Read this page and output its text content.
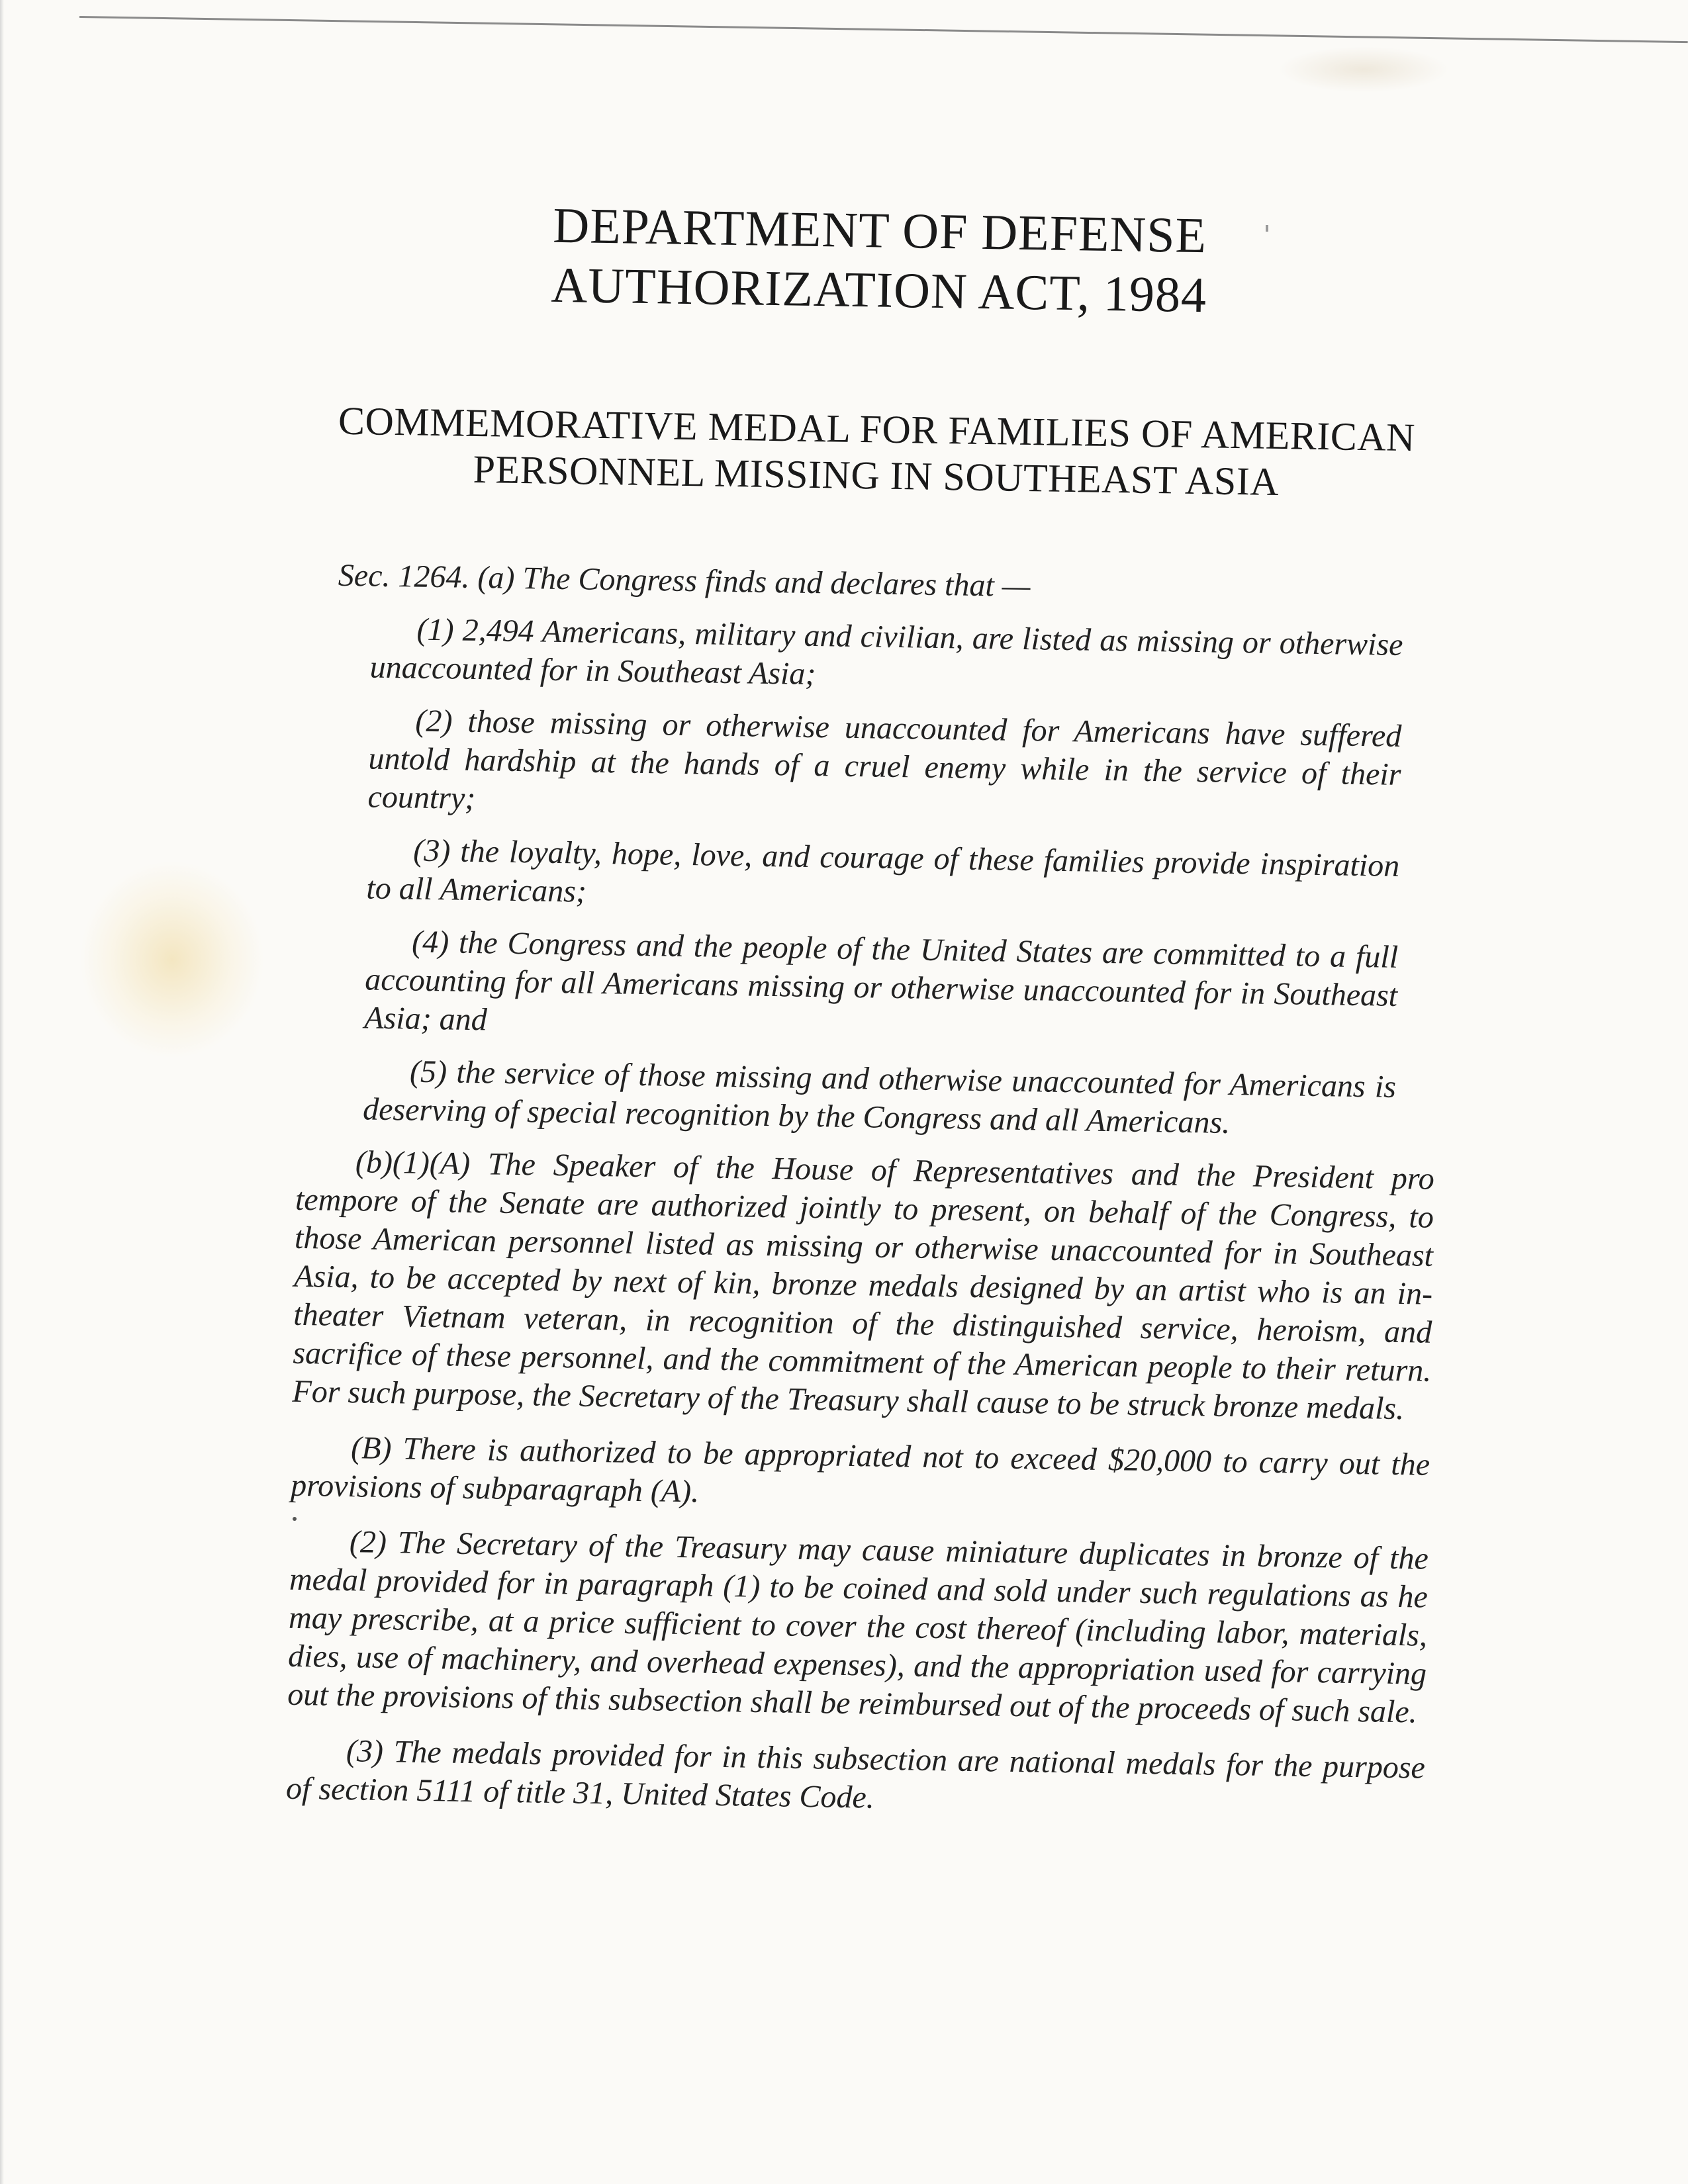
DEPARTMENT OF DEFENSE
AUTHORIZATION ACT, 1984
COMMEMORATIVE MEDAL FOR FAMILIES OF AMERICAN
PERSONNEL MISSING IN SOUTHEAST ASIA
Sec. 1264. (a) The Congress finds and declares that —

(1) 2,494 Americans, military and civilian, are listed as missing or otherwise unaccounted for in Southeast Asia;

(2) those missing or otherwise unaccounted for Americans have suffered untold hardship at the hands of a cruel enemy while in the service of their country;

(3) the loyalty, hope, love, and courage of these families provide inspiration to all Americans;

(4) the Congress and the people of the United States are committed to a full accounting for all Americans missing or otherwise unaccounted for in Southeast Asia; and

(5) the service of those missing and otherwise unaccounted for Americans is deserving of special recognition by the Congress and all Americans.

(b)(1)(A) The Speaker of the House of Representatives and the President pro tempore of the Senate are authorized jointly to present, on behalf of the Congress, to those American personnel listed as missing or otherwise unaccounted for in Southeast Asia, to be accepted by next of kin, bronze medals designed by an artist who is an in-theater Vietnam veteran, in recognition of the distinguished service, heroism, and sacrifice of these personnel, and the commitment of the American people to their return. For such purpose, the Secretary of the Treasury shall cause to be struck bronze medals.

(B) There is authorized to be appropriated not to exceed $20,000 to carry out the provisions of subparagraph (A).

(2) The Secretary of the Treasury may cause miniature duplicates in bronze of the medal provided for in paragraph (1) to be coined and sold under such regulations as he may prescribe, at a price sufficient to cover the cost thereof (including labor, materials, dies, use of machinery, and overhead expenses), and the appropriation used for carrying out the provisions of this subsection shall be reimbursed out of the proceeds of such sale.

(3) The medals provided for in this subsection are national medals for the purpose of section 5111 of title 31, United States Code.
